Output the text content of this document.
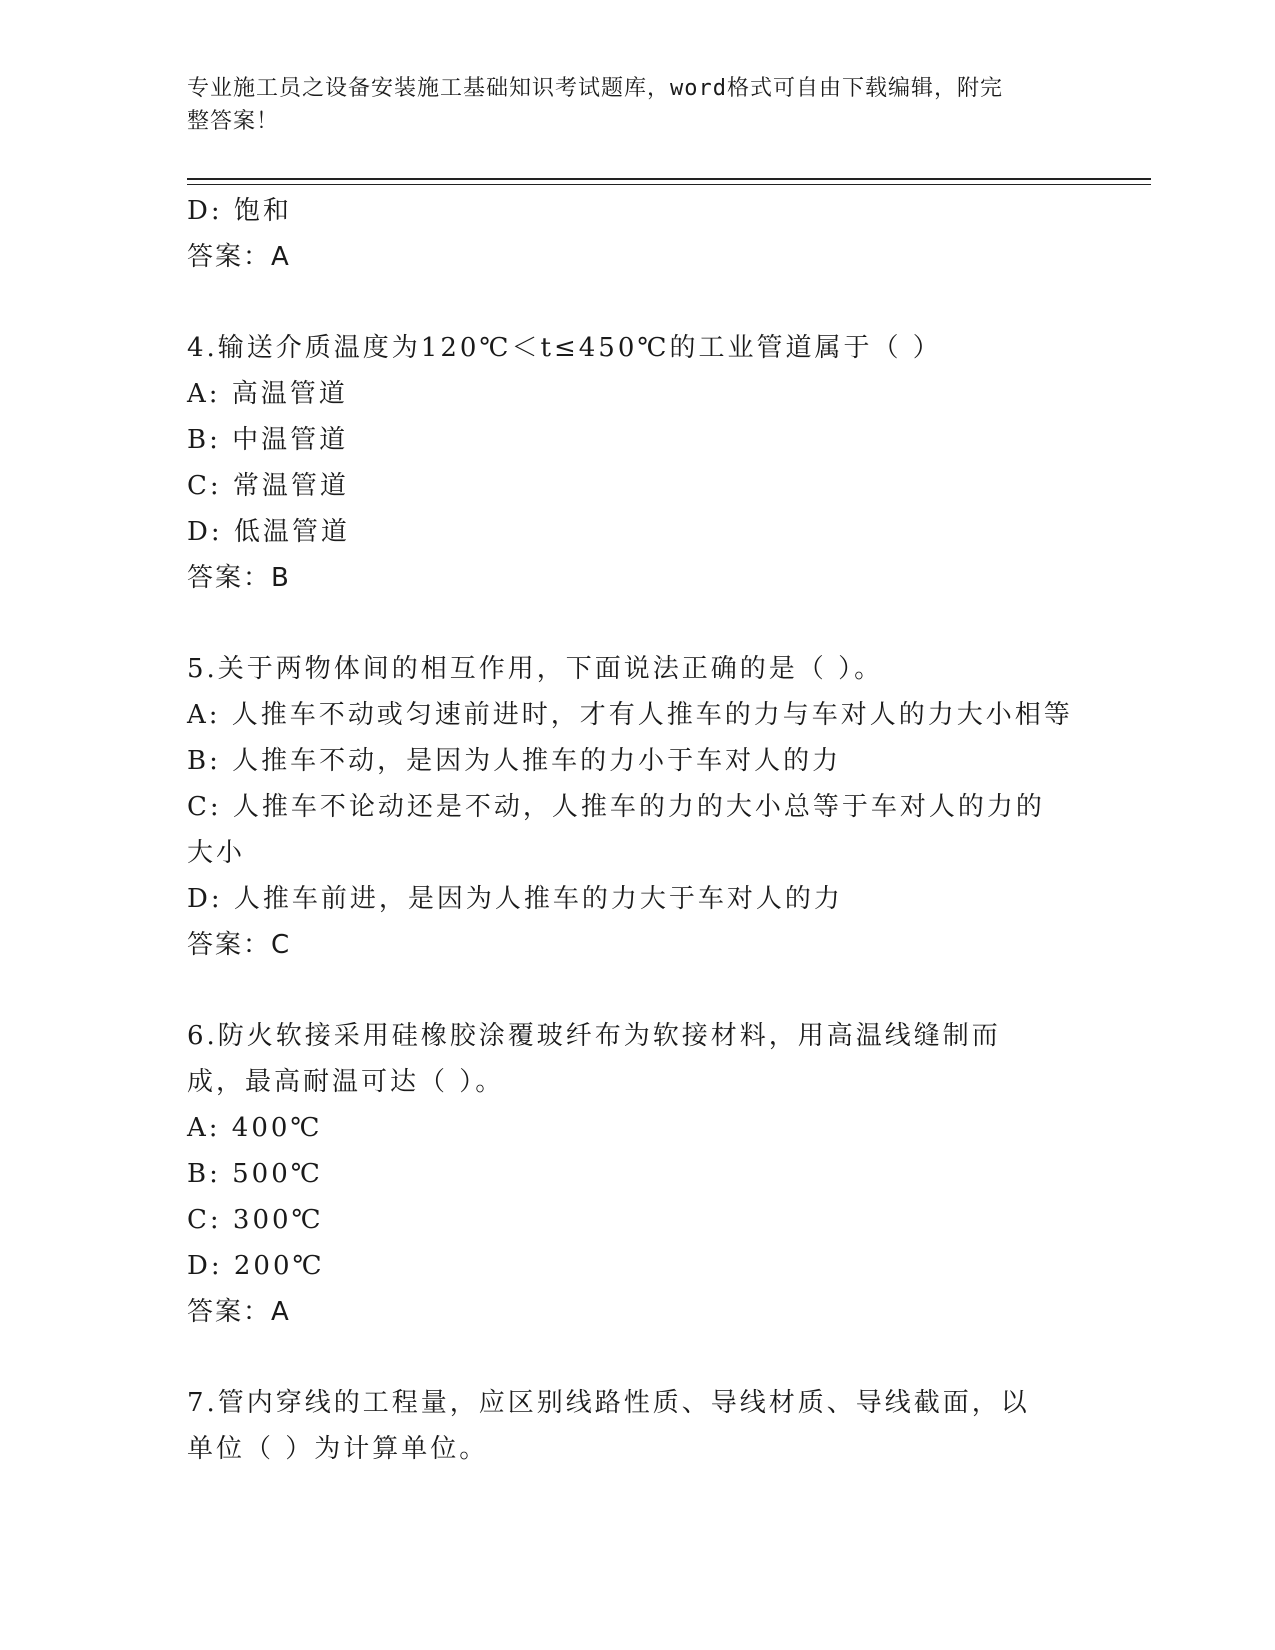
专业施工员之设备安装施工基础知识考试题库，word格式可自由下载编辑，附完
整答案！
D: 饱和
答案：A
4.输送介质温度为120℃＜t≤450℃的工业管道属于（ ）
A: 高温管道
B: 中温管道
C: 常温管道
D: 低温管道
答案：B
5.关于两物体间的相互作用，下面说法正确的是（ ）。
A: 人推车不动或匀速前进时，才有人推车的力与车对人的力大小相等
B: 人推车不动，是因为人推车的力小于车对人的力
C: 人推车不论动还是不动，人推车的力的大小总等于车对人的力的大小
D: 人推车前进，是因为人推车的力大于车对人的力
答案：C
6.防火软接采用硅橡胶涂覆玻纤布为软接材料，用高温线缝制而成，最高耐温可达（ ）。
A: 400℃
B: 500℃
C: 300℃
D: 200℃
答案：A
7.管内穿线的工程量，应区别线路性质、导线材质、导线截面，以单位（ ）为计算单位。
